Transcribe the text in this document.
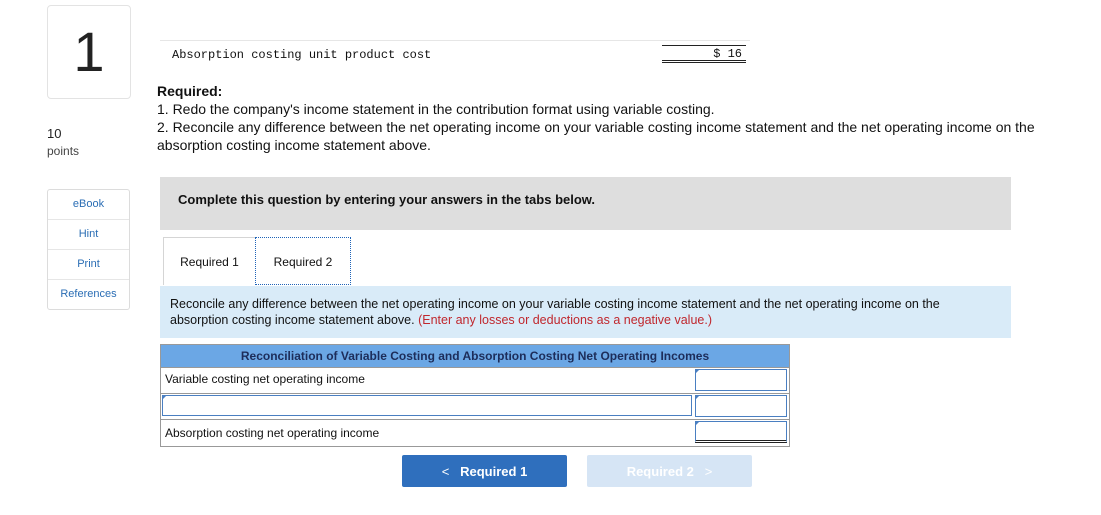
1
10
points
eBook
Hint
Print
References
Absorption costing unit product cost	$ 16
Required:
1. Redo the company's income statement in the contribution format using variable costing.
2. Reconcile any difference between the net operating income on your variable costing income statement and the net operating income on the absorption costing income statement above.
Complete this question by entering your answers in the tabs below.
Required 1	Required 2
Reconcile any difference between the net operating income on your variable costing income statement and the net operating income on the absorption costing income statement above. (Enter any losses or deductions as a negative value.)
Reconciliation of Variable Costing and Absorption Costing Net Operating Incomes
Variable costing net operating income
Absorption costing net operating income
< Required 1	Required 2 >
